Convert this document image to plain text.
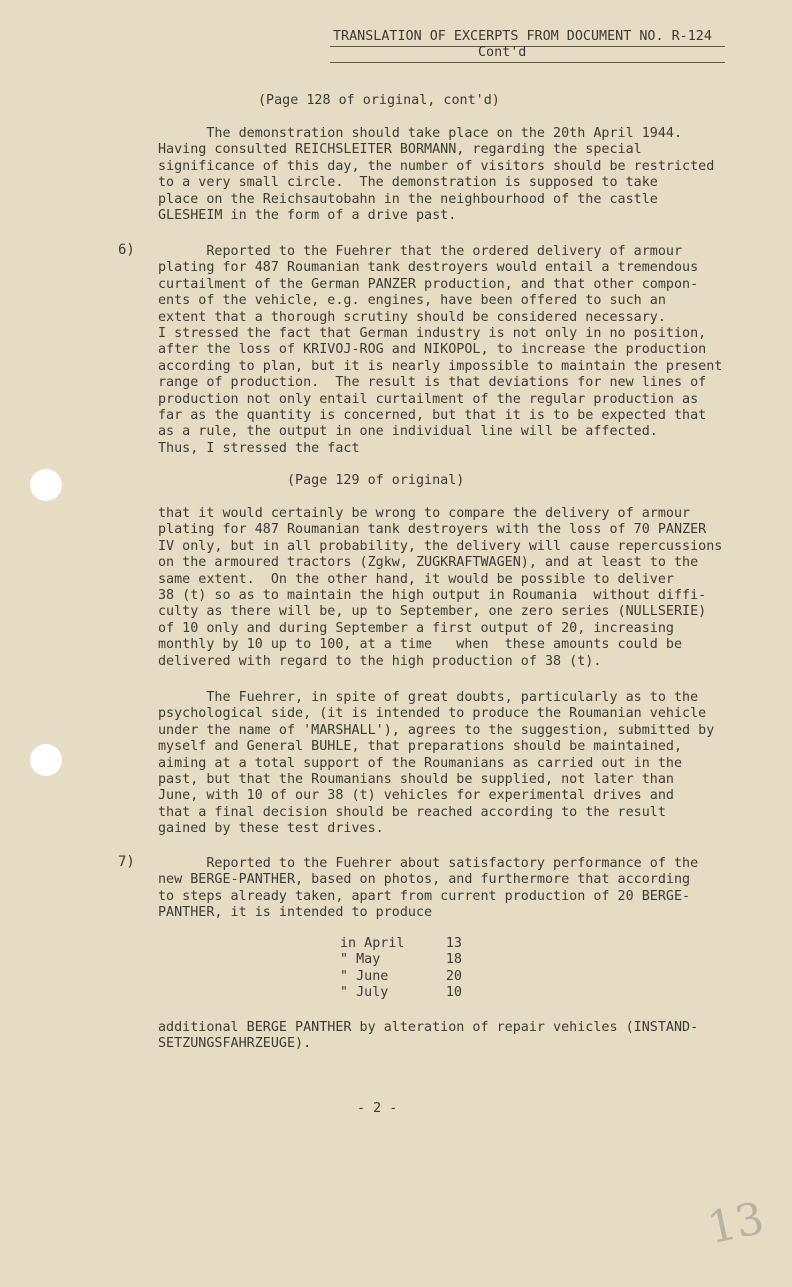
TRANSLATION OF EXCERPTS FROM DOCUMENT NO. R-124
Cont'd
(Page 128 of original, cont'd)
The demonstration should take place on the 20th April 1944.
Having consulted REICHSLEITER BORMANN, regarding the special
significance of this day, the number of visitors should be restricted
to a very small circle.  The demonstration is supposed to take
place on the Reichsautobahn in the neighbourhood of the castle
GLESHEIM in the form of a drive past.
6) Reported to the Fuehrer that the ordered delivery of armour
plating for 487 Roumanian tank destroyers would entail a tremendous
curtailment of the German PANZER production, and that other compon-
ents of the vehicle, e.g. engines, have been offered to such an
extent that a thorough scrutiny should be considered necessary.
I stressed the fact that German industry is not only in no position,
after the loss of KRIVOJ-ROG and NIKOPOL, to increase the production
according to plan, but it is nearly impossible to maintain the present
range of production.  The result is that deviations for new lines of
production not only entail curtailment of the regular production as
far as the quantity is concerned, but that it is to be expected that
as a rule, the output in one individual line will be affected.
Thus, I stressed the fact
(Page 129 of original)
that it would certainly be wrong to compare the delivery of armour
plating for 487 Roumanian tank destroyers with the loss of 70 PANZER
IV only, but in all probability, the delivery will cause repercussions
on the armoured tractors (Zgkw, ZUGKRAFTWAGEN), and at least to the
same extent.  On the other hand, it would be possible to deliver
38 (t) so as to maintain the high output in Roumania  without diffi-
culty as there will be, up to September, one zero series (NULLSERIE)
of 10 only and during September a first output of 20, increasing
monthly by 10 up to 100, at a time   when  these amounts could be
delivered with regard to the high production of 38 (t).
The Fuehrer, in spite of great doubts, particularly as to the
psychological side, (it is intended to produce the Roumanian vehicle
under the name of 'MARSHALL'), agrees to the suggestion, submitted by
myself and General BUHLE, that preparations should be maintained,
aiming at a total support of the Roumanians as carried out in the
past, but that the Roumanians should be supplied, not later than
June, with 10 of our 38 (t) vehicles for experimental drives and
that a final decision should be reached according to the result
gained by these test drives.
7) Reported to the Fuehrer about satisfactory performance of the
new BERGE-PANTHER, based on photos, and furthermore that according
to steps already taken, apart from current production of 20 BERGE-
PANTHER, it is intended to produce
in April	13
" May	18
" June	20
" July	10
additional BERGE PANTHER by alteration of repair vehicles (INSTAND-
SETZUNGSFAHRZEUGE).
- 2 -
13
